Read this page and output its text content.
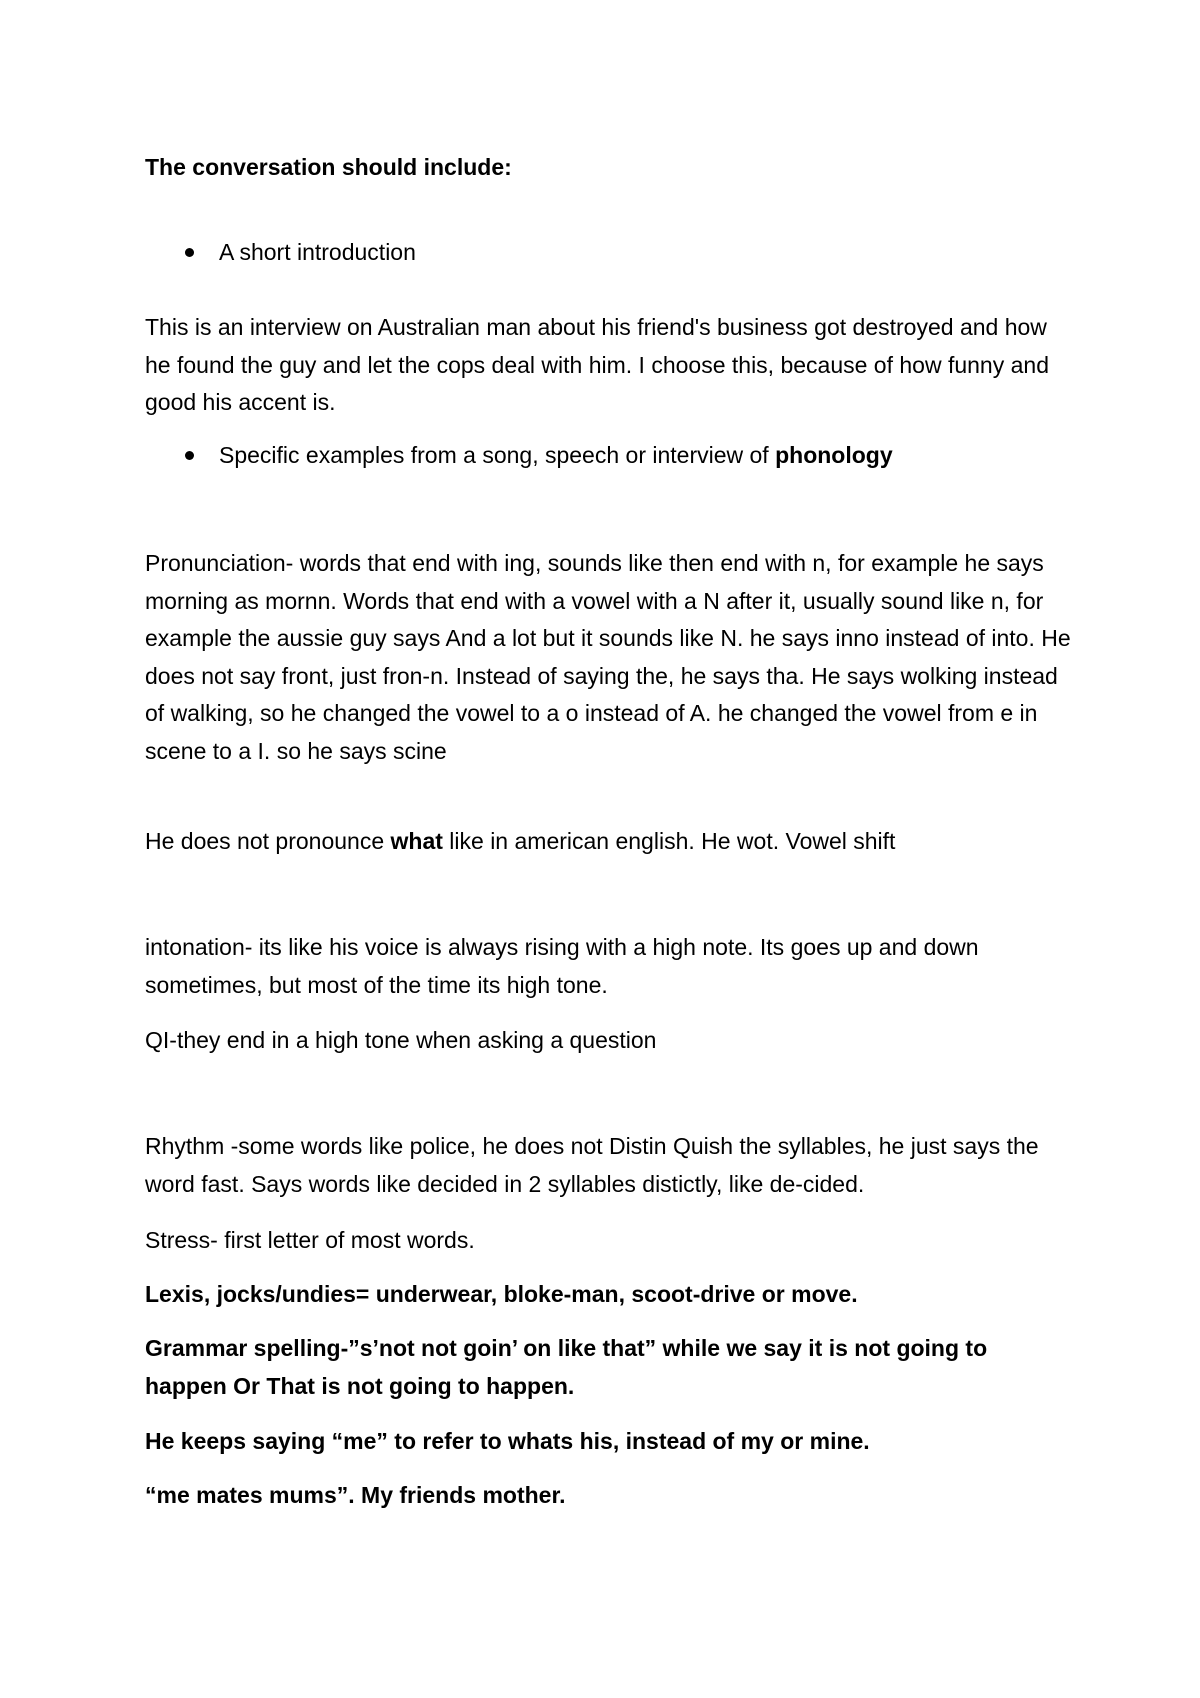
The conversation should include:

A short introduction

This is an interview on Australian man about his friend's business got destroyed and how he found the guy and let the cops deal with him. I choose this, because of how funny and good his accent is.

Specific examples from a song, speech or interview of phonology

Pronunciation- words that end with ing, sounds like then end with n, for example he says morning as mornn. Words that end with a vowel with a N after it, usually sound like n, for example the aussie guy says And a lot but it sounds like N. he says inno instead of into. He does not say front, just fron-n. Instead of saying the, he says tha. He says wolking instead of walking, so he changed the vowel to a o instead of A. he changed the vowel from e in scene to a I. so he says scine

He does not pronounce what like in american english. He wot. Vowel shift

intonation- its like his voice is always rising with a high note. Its goes up and down sometimes, but most of the time its high tone.

QI-they end in a high tone when asking a question

Rhythm -some words like police, he does not Distin Quish the syllables, he just says the word fast. Says words like decided in 2 syllables distictly, like de-cided.

Stress- first letter of most words.

Lexis, jocks/undies= underwear, bloke-man, scoot-drive or move.

Grammar spelling-”s’not not goin’ on like that” while we say it is not going to happen Or That is not going to happen.

He keeps saying “me” to refer to whats his, instead of my or mine.

“me mates mums”. My friends mother.
